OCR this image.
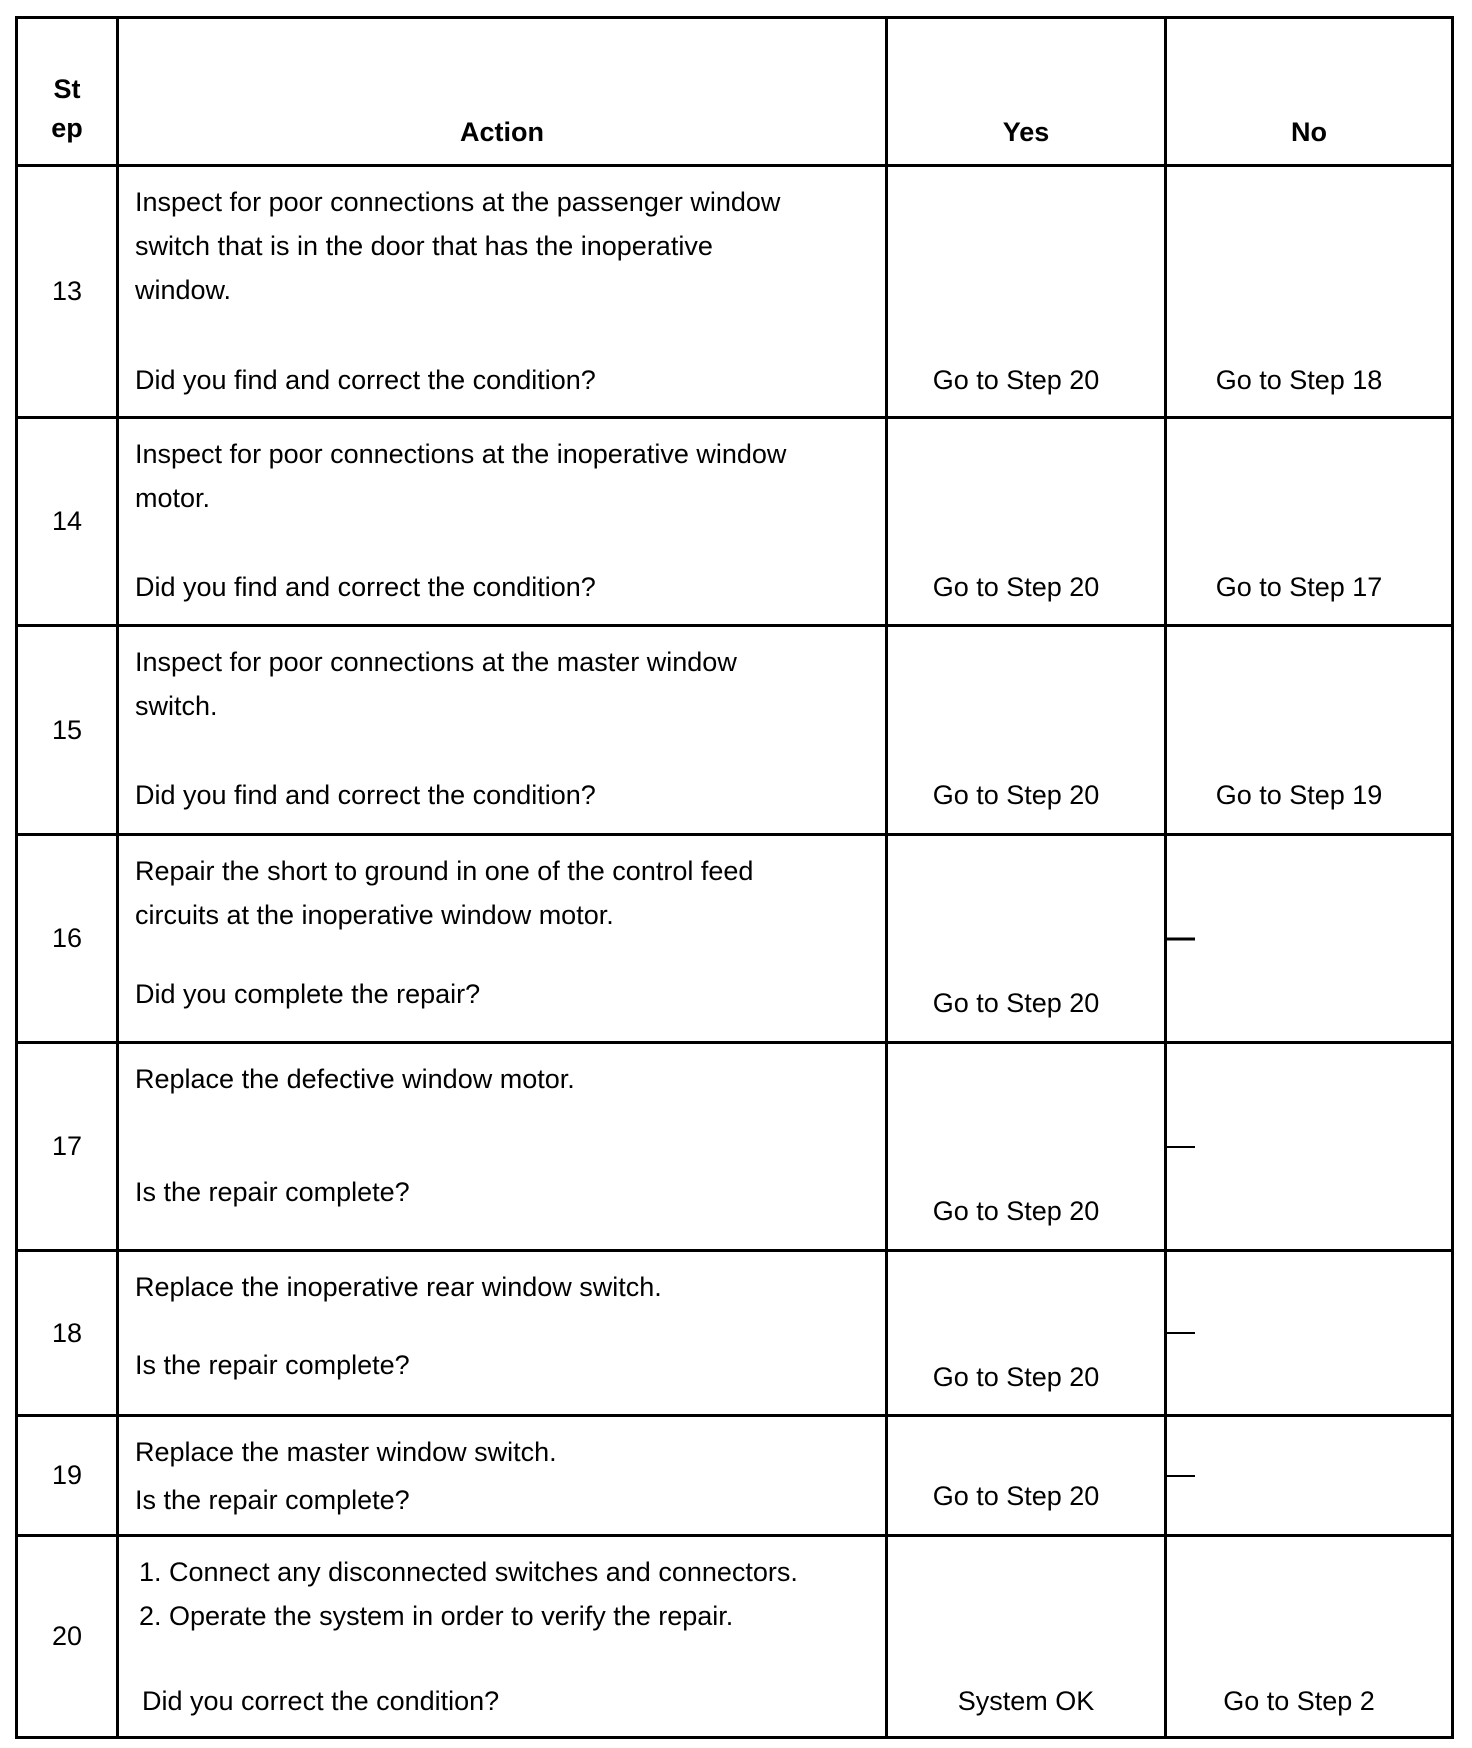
St
ep	Action	Yes	No

13	Inspect for poor connections at the passenger window
switch that is in the door that has the inoperative
window.
Did you find and correct the condition?	Go to Step 20	Go to Step 18

14	Inspect for poor connections at the inoperative window
motor.
Did you find and correct the condition?	Go to Step 20	Go to Step 17

15	Inspect for poor connections at the master window
switch.
Did you find and correct the condition?	Go to Step 20	Go to Step 19

16	Repair the short to ground in one of the control feed
circuits at the inoperative window motor.
Did you complete the repair?	Go to Step 20	

17	Replace the defective window motor.
Is the repair complete?	Go to Step 20	

18	Replace the inoperative rear window switch.
Is the repair complete?	Go to Step 20	

19	Replace the master window switch.
Is the repair complete?	Go to Step 20	

20	1. Connect any disconnected switches and connectors.
2. Operate the system in order to verify the repair.
Did you correct the condition?	System OK	Go to Step 2
